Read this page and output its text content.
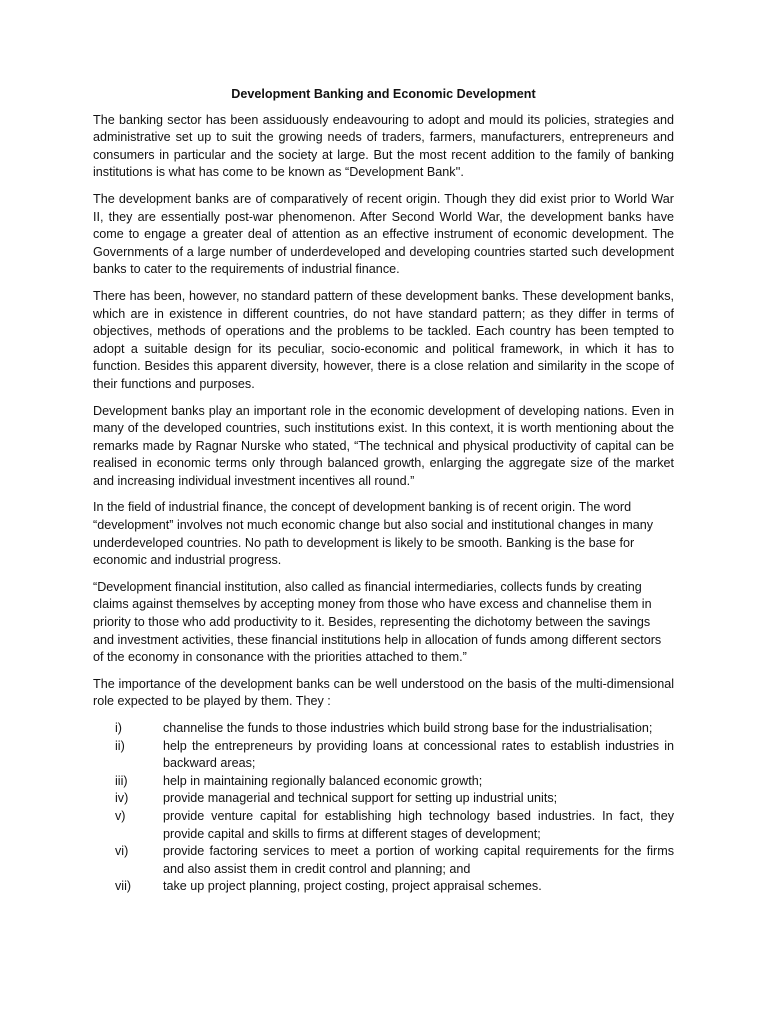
Development Banking and Economic Development

The banking sector has been assiduously endeavouring to adopt and mould its policies, strategies and administrative set up to suit the growing needs of traders, farmers, manufacturers, entrepreneurs and consumers in particular and the society at large. But the most recent addition to the family of banking institutions is what has come to be known as “Development Bank''.

The development banks are of comparatively of recent origin. Though they did exist prior to World War II, they are essentially post-war phenomenon. After Second World War, the development banks have come to engage a greater deal of attention as an effective instrument of economic development. The Governments of a large number of underdeveloped and developing countries started such development banks to cater to the requirements of industrial finance.

There has been, however, no standard pattern of these development banks. These development banks, which are in existence in different countries, do not have standard pattern; as they differ in terms of objectives, methods of operations and the problems to be tackled. Each country has been tempted to adopt a suitable design for its peculiar, socio-economic and political framework, in which it has to function. Besides this apparent diversity, however, there is a close relation and similarity in the scope of their functions and purposes.

Development banks play an important role in the economic development of developing nations. Even in many of the developed countries, such institutions exist. In this context, it is worth mentioning about the remarks made by Ragnar Nurske who stated, “The technical and physical productivity of capital can be realised in economic terms only through balanced growth, enlarging the aggregate size of the market and increasing individual investment incentives all round.”

In the field of industrial finance, the concept of development banking is of recent origin. The word “development” involves not much economic change but also social and institutional changes in many underdeveloped countries. No path to development is likely to be smooth. Banking is the base for economic and industrial progress.

“Development financial institution, also called as financial intermediaries, collects funds by creating claims against themselves by accepting money from those who have excess and channelise them in priority to those who add productivity to it. Besides, representing the dichotomy between the savings and investment activities, these financial institutions help in allocation of funds among different sectors of the economy in consonance with the priorities attached to them.”

The importance of the development banks can be well understood on the basis of the multi-dimensional role expected to be played by them. They :

i)	channelise the funds to those industries which build strong base for the industrialisation;
ii)	help the entrepreneurs by providing loans at concessional rates to establish industries in backward areas;
iii)	help in maintaining regionally balanced economic growth;
iv)	provide managerial and technical support for setting up industrial units;
v)	provide venture capital for establishing high technology based industries. In fact, they provide capital and skills to firms at different stages of development;
vi)	provide factoring services to meet a portion of working capital requirements for the firms and also assist them in credit control and planning; and
vii)	take up project planning, project costing, project appraisal schemes.
